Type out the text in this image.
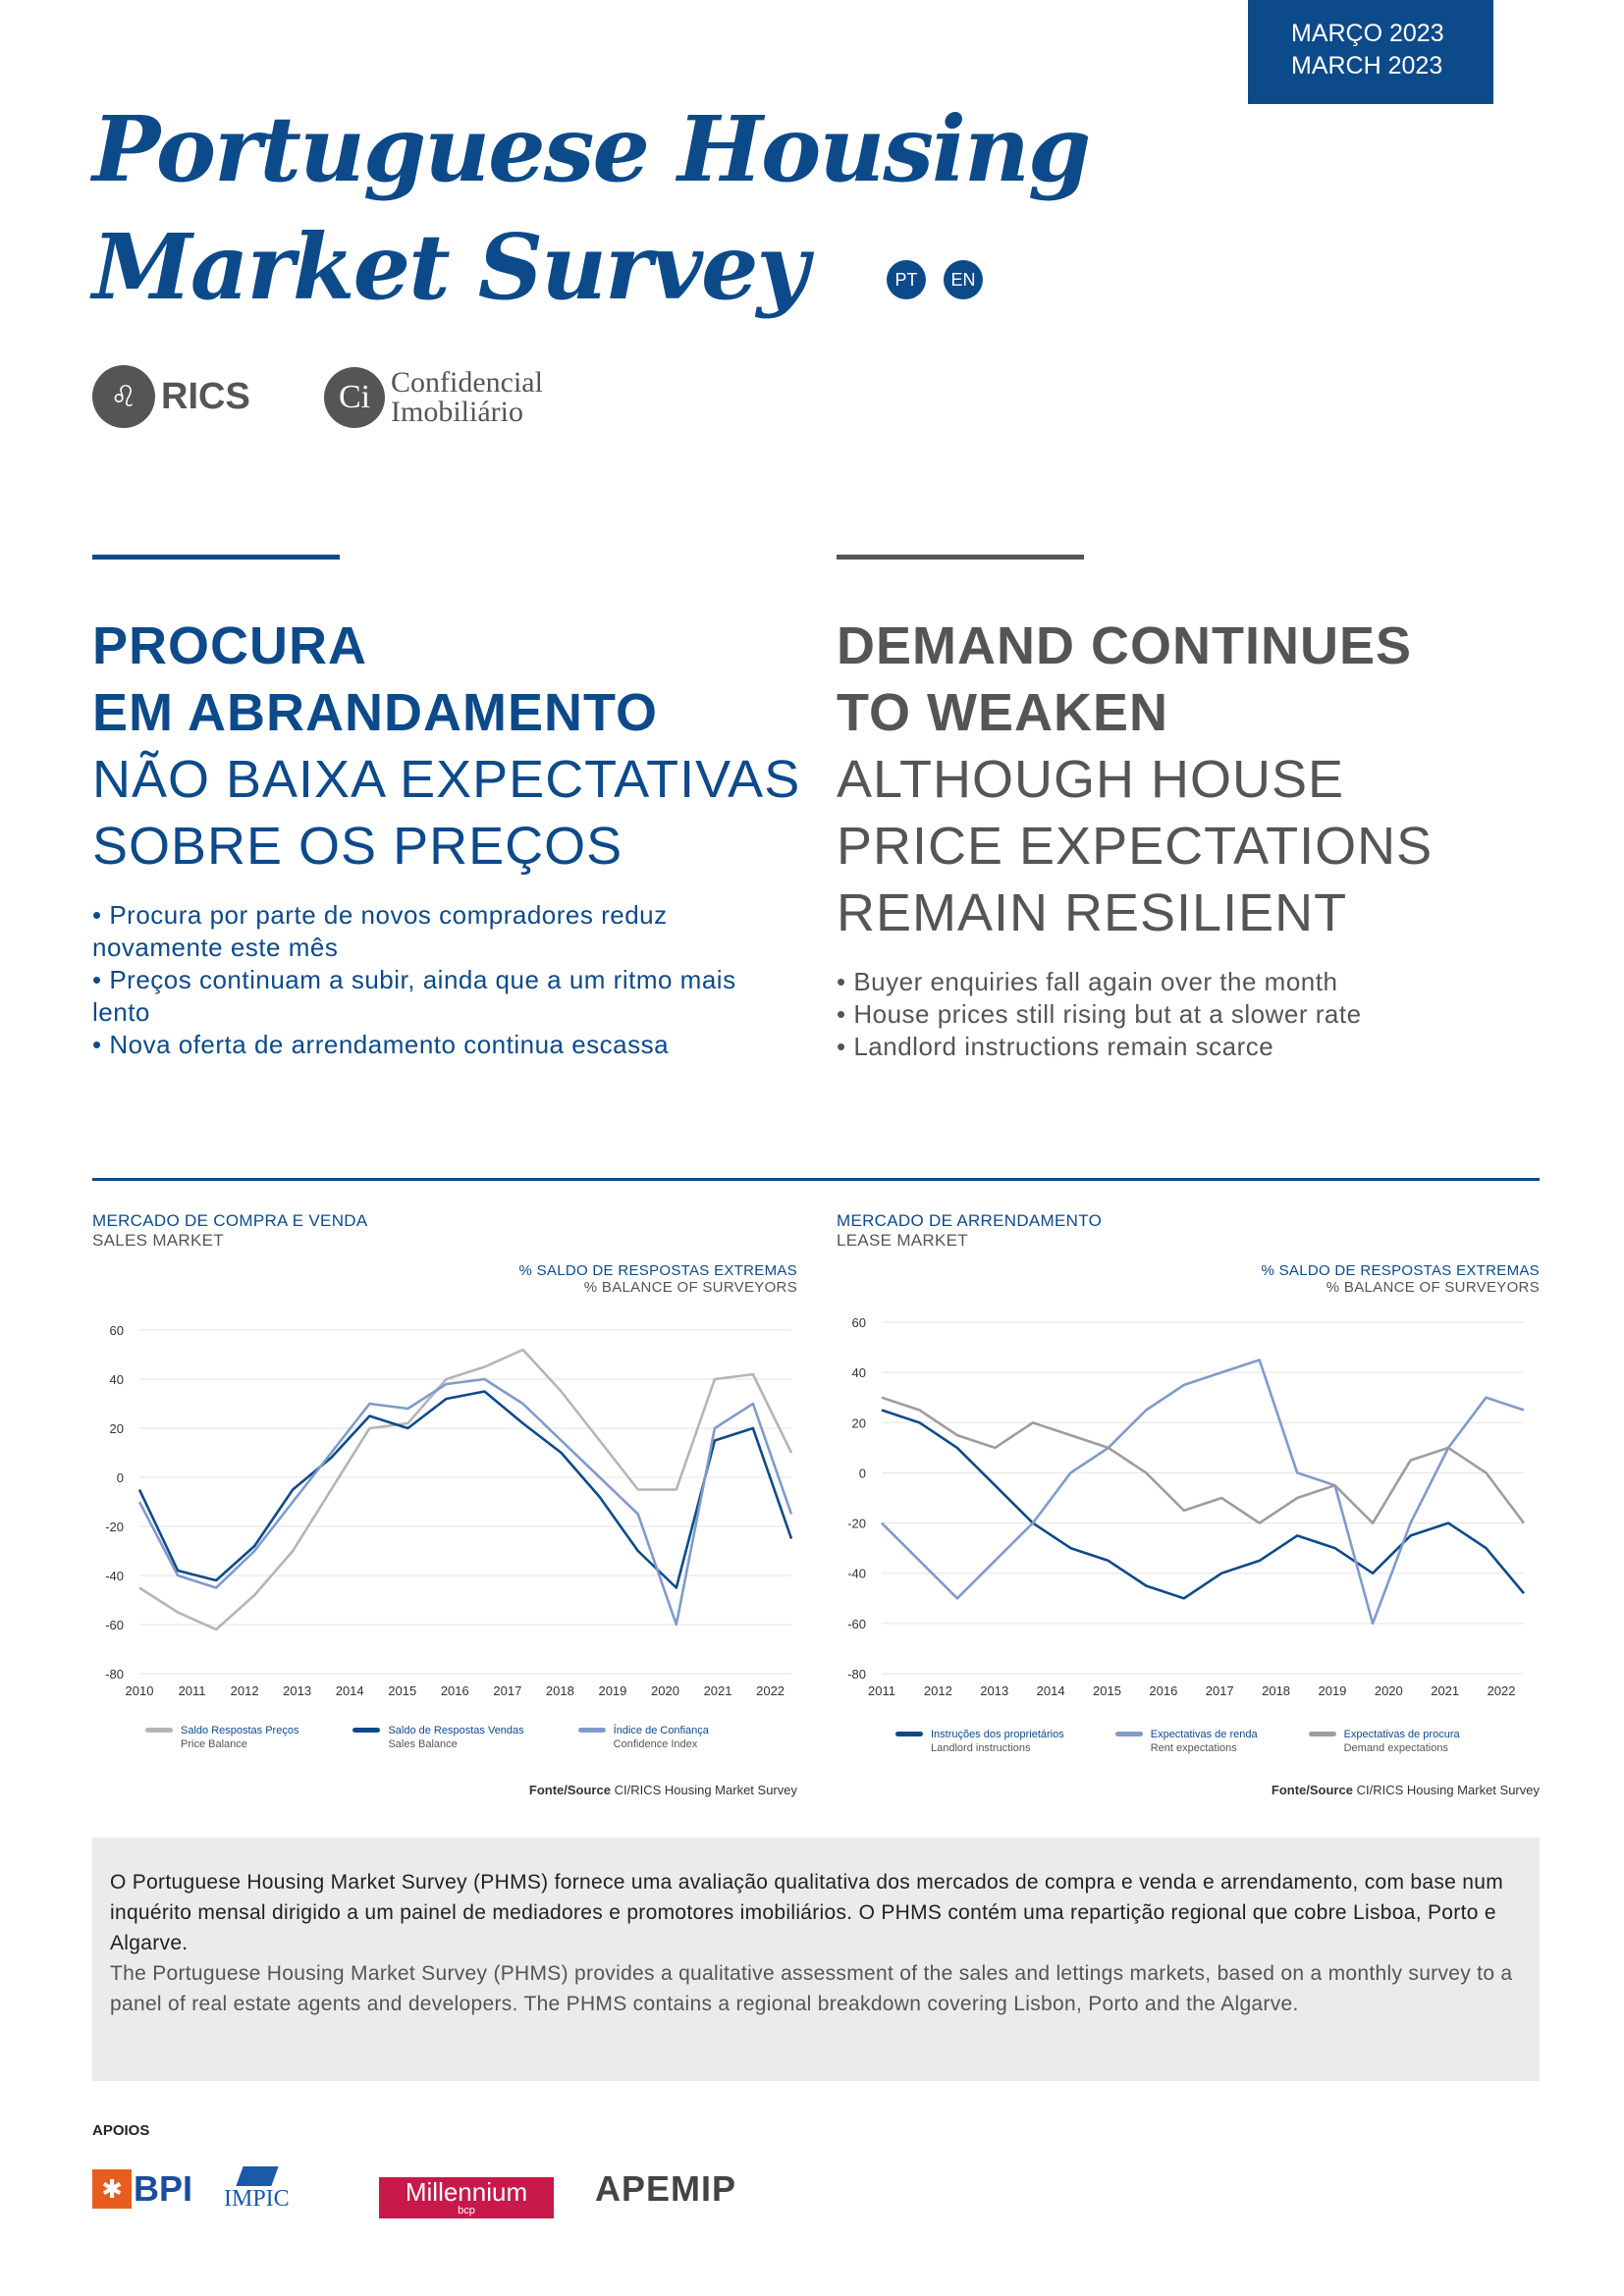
MARÇO 2023
MARCH 2023
Portuguese Housing
Market Survey	PT	EN
♌ RICS	Ci Confidencial
Imobiliário
PROCURA
EM ABRANDAMENTO
NÃO BAIXA EXPECTATIVAS
SOBRE OS PREÇOS
• Procura por parte de novos compradores reduz novamente este mês
• Preços continuam a subir, ainda que a um ritmo mais lento
• Nova oferta de arrendamento continua escassa
DEMAND CONTINUES
TO WEAKEN
ALTHOUGH HOUSE
PRICE EXPECTATIONS
REMAIN RESILIENT
• Buyer enquiries fall again over the month
• House prices still rising but at a slower rate
• Landlord instructions remain scarce
MERCADO DE COMPRA E VENDA
SALES MARKET
% SALDO DE RESPOSTAS EXTREMAS
% BALANCE OF SURVEYORS
60
40
20
0
-20
-40
-60
-80
2010 2011 2012 2013 2014 2015 2016 2017 2018 2019 2020 2021 2022
Saldo Respostas Preços
Price Balance
Saldo de Respostas Vendas
Sales Balance
Índice de Confiança
Confidence Index
Fonte/Source CI/RICS Housing Market Survey
MERCADO DE ARRENDAMENTO
LEASE MARKET
% SALDO DE RESPOSTAS EXTREMAS
% BALANCE OF SURVEYORS
60
40
20
0
-20
-40
-60
-80
2011 2012 2013 2014 2015 2016 2017 2018 2019 2020 2021 2022
Instruções dos proprietários
Landlord instructions
Expectativas de renda
Rent expectations
Expectativas de procura
Demand expectations
Fonte/Source CI/RICS Housing Market Survey

O Portuguese Housing Market Survey (PHMS) fornece uma avaliação qualitativa dos mercados de compra e venda e arrendamento, com base num inquérito mensal dirigido a um painel de mediadores e promotores imobiliários. O PHMS contém uma repartição regional que cobre Lisboa, Porto e Algarve.

The Portuguese Housing Market Survey (PHMS) provides a qualitative assessment of the sales and lettings markets, based on a monthly survey to a panel of real estate agents and developers. The PHMS contains a regional breakdown covering Lisbon, Porto and the Algarve.

APOIOS
✱ BPI IMPIC	Millennium
bcp
APEMIP
